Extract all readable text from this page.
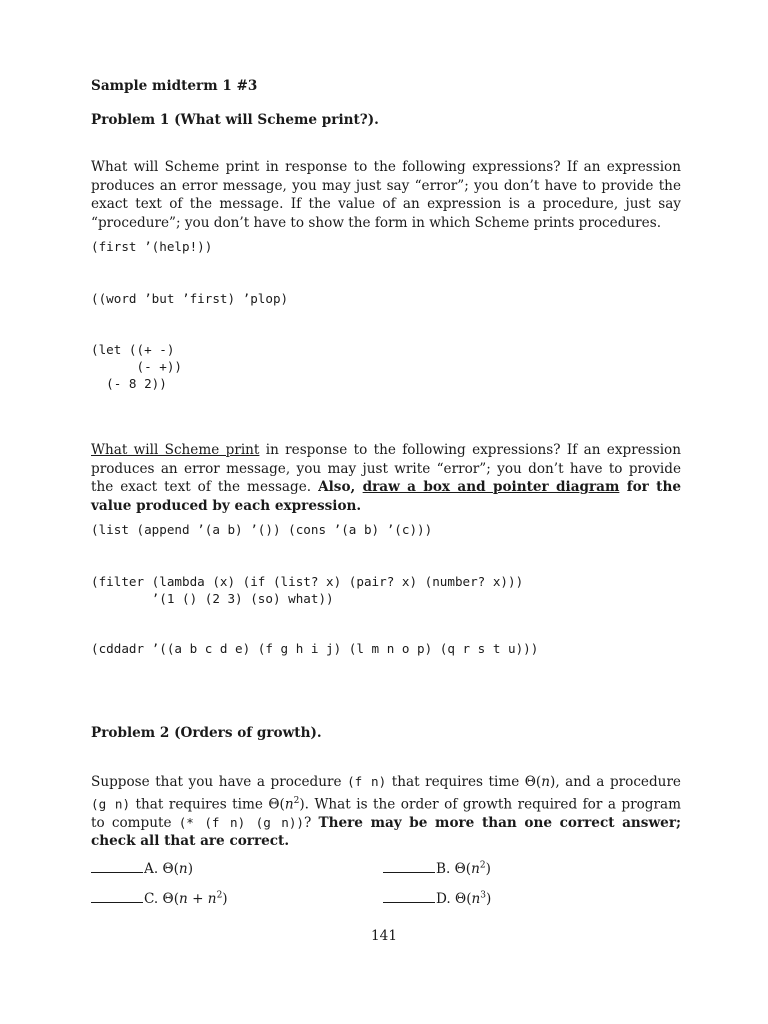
Sample midterm 1 #3
Problem 1 (What will Scheme print?).

What will Scheme print in response to the following expressions? If an expression produces an error message, you may just say “error”; you don’t have to provide the exact text of the message. If the value of an expression is a procedure, just say “procedure”; you don’t have to show the form in which Scheme prints procedures.

(first ’(help!))
((word ’but ’first) ’plop)
(let ((+ -)
(- +))
(- 8 2))

What will Scheme print in response to the following expressions? If an expression produces an error message, you may just write “error”; you don’t have to provide the exact text of the message. Also, draw a box and pointer diagram for the value produced by each expression.

(list (append ’(a b) ’()) (cons ’(a b) ’(c)))
(filter (lambda (x) (if (list? x) (pair? x) (number? x)))
’(1 () (2 3) (so) what))
(cddadr ’((a b c d e) (f g h i j) (l m n o p) (q r s t u)))
Problem 2 (Orders of growth).

Suppose that you have a procedure (f n) that requires time Θ(n), and a procedure (g n) that requires time $\Theta(n^2)$. What is the order of growth required for a program to compute (* (f n) (g n))? There may be more than one correct answer; check all that are correct.

A. Θ(n)	B. $\Theta(n^2)$
C. $\Theta(n + n^2)$	D. $\Theta(n^3)$
141
